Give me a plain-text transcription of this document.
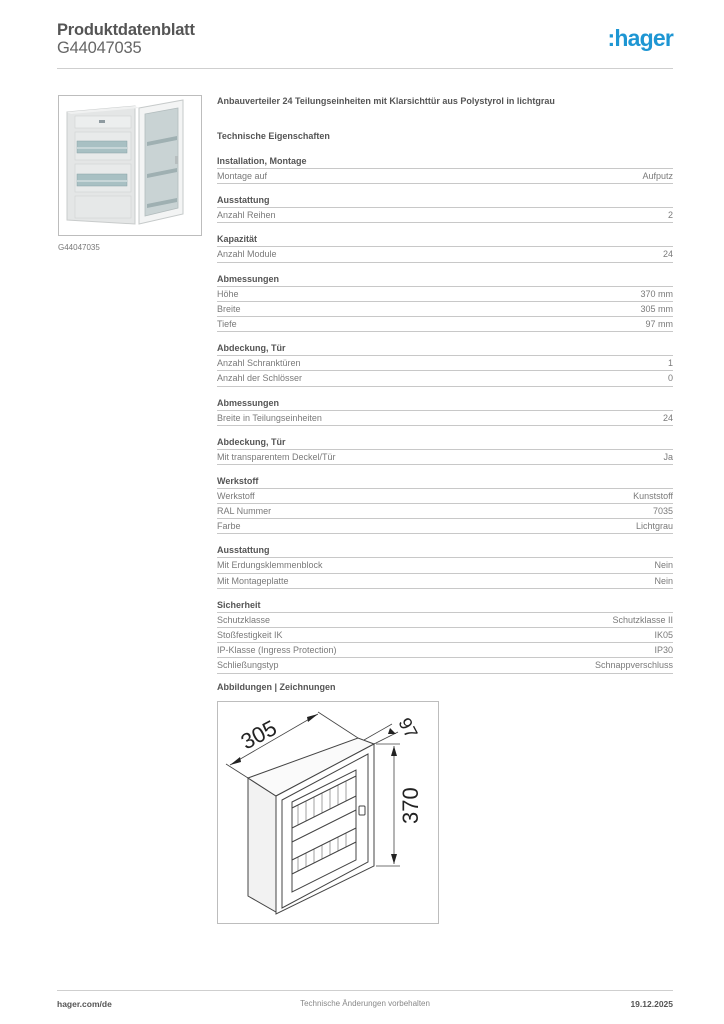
Produktdatenblatt
G44047035	:hager
G44047035
Anbauverteiler 24 Teilungseinheiten mit Klarsichttür aus Polystyrol in lichtgrau
Technische Eigenschaften
Installation, Montage
Montage auf	Aufputz
Ausstattung
Anzahl Reihen	2
Kapazität
Anzahl Module	24
Abmessungen
Höhe	370 mm
Breite	305 mm
Tiefe	97 mm
Abdeckung, Tür
Anzahl Schranktüren	1
Anzahl der Schlösser	0
Abmessungen
Breite in Teilungseinheiten	24
Abdeckung, Tür
Mit transparentem Deckel/Tür	Ja
Werkstoff
Werkstoff	Kunststoff
RAL Nummer	7035
Farbe	Lichtgrau
Ausstattung
Mit Erdungsklemmenblock	Nein
Mit Montageplatte	Nein
Sicherheit
Schutzklasse	Schutzklasse II
Stoßfestigkeit IK	IK05
IP-Klasse (Ingress Protection)	IP30
Schließungstyp	Schnappverschluss
Abbildungen | Zeichnungen
305	97
370
hager.com/de	Technische Änderungen vorbehalten	19.12.2025
